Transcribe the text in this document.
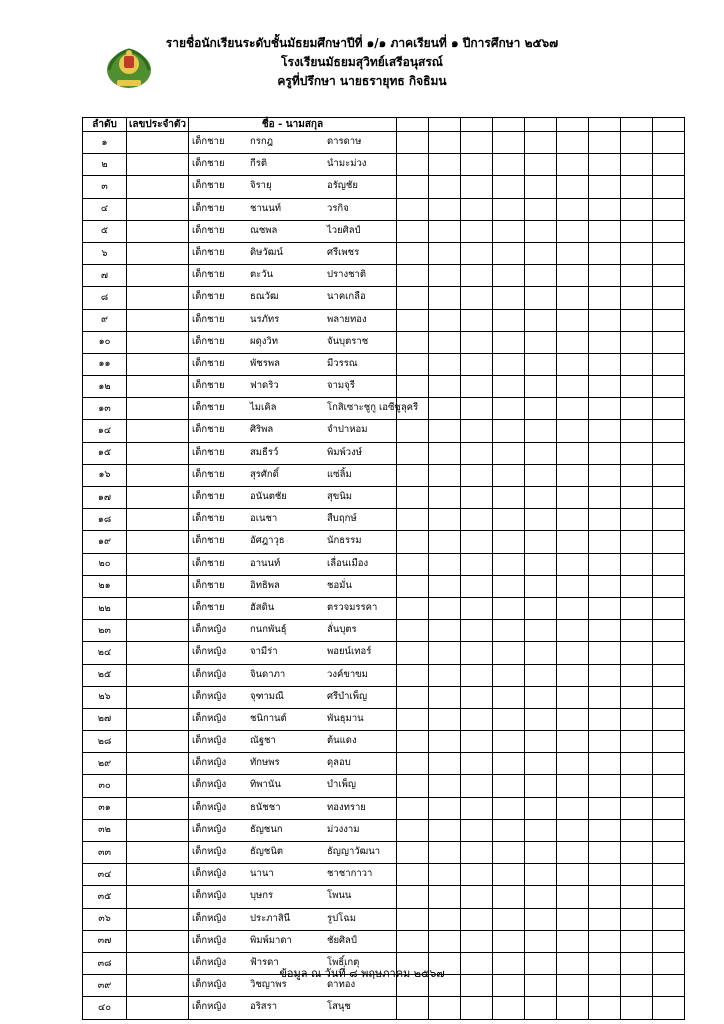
รายชื่อนักเรียนระดับชั้นมัธยมศึกษาปีที่ ๑/๑ ภาคเรียนที่ ๑ ปีการศึกษา ๒๕๖๗
โรงเรียนมัธยมสุวิทย์เสรีอนุสรณ์
ครูที่ปรึกษา นายธรายุทธ กิจธิมน
ลำดับ	เลขประจำตัว	ชื่อ - นามสกุล									
๑		เด็กชาย กรกฎ ดารดาษ									

๒		เด็กชาย กีรติ นำมะม่วง									

๓		เด็กชาย จิรายุ อรัญชัย									

๔		เด็กชาย ชานนท์ วรกิจ									

๕		เด็กชาย ณชพล ไวยศิลป์									

๖		เด็กชาย ดิษวัฒน์ ศรีเพชร									

๗		เด็กชาย ตะวัน ปรางชาติ									

๘		เด็กชาย ธณวัฒ นาคเกลือ									

๙		เด็กชาย นรภัทร พลายทอง									

๑๐		เด็กชาย ผดุงวิท จันบุตราช									

๑๑		เด็กชาย พัชรพล มีวรรณ									

๑๒		เด็กชาย ฟาดริว จามจุรี									

๑๓		เด็กชาย ไมเคิล โกสิเซาะชูกู เอซีซูลุครี									

๑๔		เด็กชาย ศิริพล จำปาหอม									

๑๕		เด็กชาย สมธีรว์ พิมพ์วงษ์									

๑๖		เด็กชาย สุรศักดิ์ แซ่ลิ้ม									

๑๗		เด็กชาย อนันตชัย สุขนิม									

๑๘		เด็กชาย อเนชา สืบฤกษ์									

๑๙		เด็กชาย อัศฎาวุธ นักธรรม									

๒๐		เด็กชาย อานนท์ เลื่อนเมือง									

๒๑		เด็กชาย อิทธิพล ชอมั่น									

๒๒		เด็กชาย ฮัสดิน ตรวจมรรคา									

๒๓		เด็กหญิง กนกพันธุ์ ลั่นบุตร									

๒๔		เด็กหญิง จามีร่า พอยน์เทอร์									

๒๕		เด็กหญิง จินดาภา วงค์ขาขม									

๒๖		เด็กหญิง จุฑามณี ศรีบำเพ็ญ									

๒๗		เด็กหญิง ชนิกานต์ พันธุมาน									

๒๘		เด็กหญิง ณัฐชา ต้นแดง									

๒๙		เด็กหญิง ทักษพร ดุลอบ									

๓๐		เด็กหญิง ทิพานัน บำเพ็ญ									

๓๑		เด็กหญิง ธนัชชา ทองทราย									

๓๒		เด็กหญิง ธัญชนก ม่วงงาม									

๓๓		เด็กหญิง ธัญชนิต ธัญญาวัฒนา									

๓๔		เด็กหญิง นานา ชาชากาวา									

๓๕		เด็กหญิง บุษกร โพนน									

๓๖		เด็กหญิง ประภาสินี รูปโฉม									

๓๗		เด็กหญิง พิมพ์มาดา ชัยศิลป์									

๓๘		เด็กหญิง ฟ้ารดา โพธิ์เกตุ									

๓๙		เด็กหญิง วิชญาพร ดาทอง									

๔๐		เด็กหญิง อริสรา โสนุช									

ข้อมูล ณ วันที่ ๘ พฤษภาคม ๒๕๖๗
